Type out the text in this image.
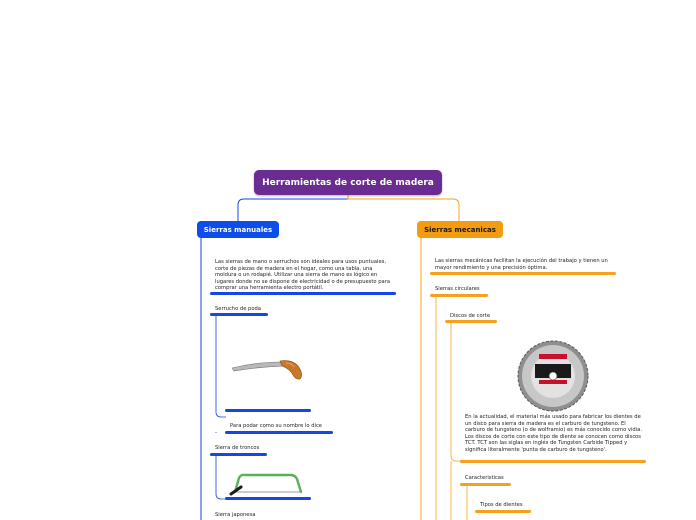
Herramientas de corte de madera
Sierras manuales	Sierras mecanicas
Las sierras de mano o serruchos son ideales para usos puntuales, corte de piezas de madera en el hogar, como una tabla, una moldura o un rodapié. Utilizar una sierra de mano es lógico en lugares donde no se dispone de electricidad o de presupuesto para comprar una herramienta electro portátil.
Serrucho de poda
Para podar como su nombre lo dice
Sierra de troncos
Sierra japonesa
Las sierras mecánicas facilitan la ejecución del trabajo y tienen un mayor rendimiento y una precisión óptima.
Sierras circulares
Discos de corte
En la actualidad, el material más usado para fabricar los dientes de un disco para sierra de madera es el carburo de tungsteno. El carburo de tungsteno (o de wolframio) es más conocido como vidia. Los discos de corte con este tipo de diente se conocen como discos TCT. TCT son las siglas en inglés de Tungsten Carbide Tipped y significa literalmente 'punta de carburo de tungsteno'.
Caracteristicas
Tipos de dientes
